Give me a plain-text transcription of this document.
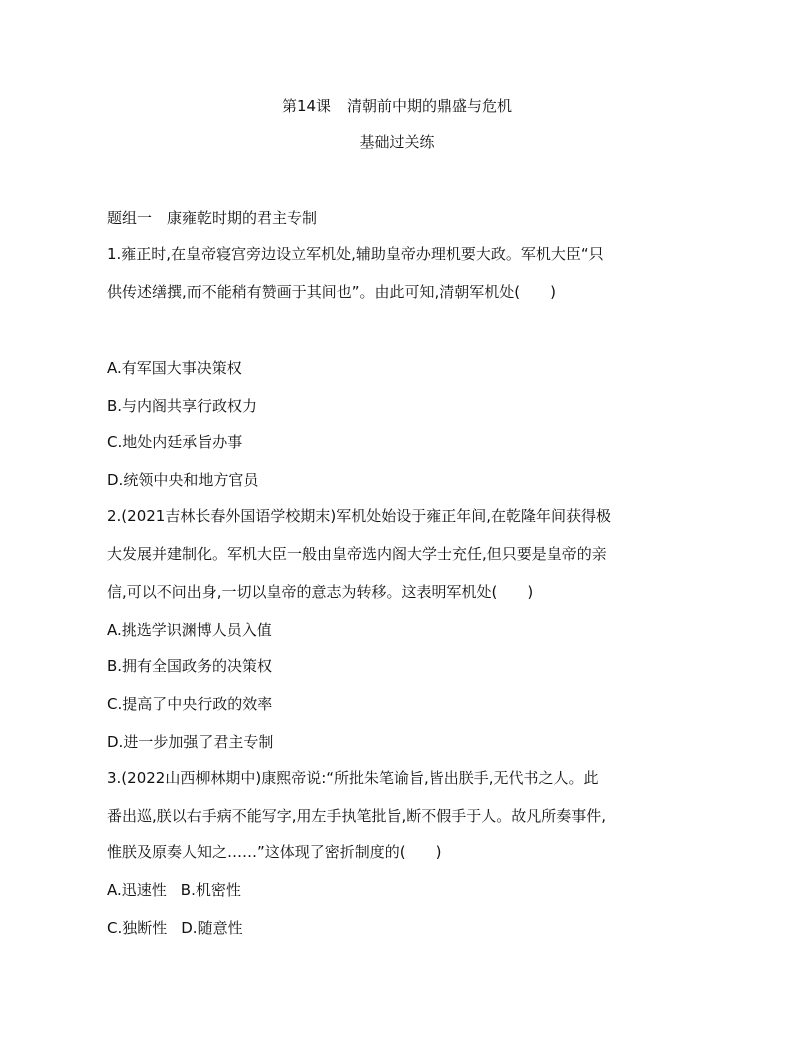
第14课 清朝前中期的鼎盛与危机
基础过关练
题组一　康雍乾时期的君主专制
1.雍正时,在皇帝寝宫旁边设立军机处,辅助皇帝办理机要大政。军机大臣“只
供传述缮撰,而不能稍有赞画于其间也”。由此可知,清朝军机处(　　)
A.有军国大事决策权
B.与内阁共享行政权力
C.地处内廷承旨办事
D.统领中央和地方官员
2.(2021吉林长春外国语学校期末)军机处始设于雍正年间,在乾隆年间获得极
大发展并建制化。军机大臣一般由皇帝选内阁大学士充任,但只要是皇帝的亲
信,可以不问出身,一切以皇帝的意志为转移。这表明军机处(　　)
A.挑选学识渊博人员入值
B.拥有全国政务的决策权
C.提高了中央行政的效率
D.进一步加强了君主专制
3.(2022山西柳林期中)康熙帝说:“所批朱笔谕旨,皆出朕手,无代书之人。此
番出巡,朕以右手病不能写字,用左手执笔批旨,断不假手于人。故凡所奏事件,
惟朕及原奏人知之……”这体现了密折制度的(　　)
A.迅速性 B.机密性
C.独断性 D.随意性
